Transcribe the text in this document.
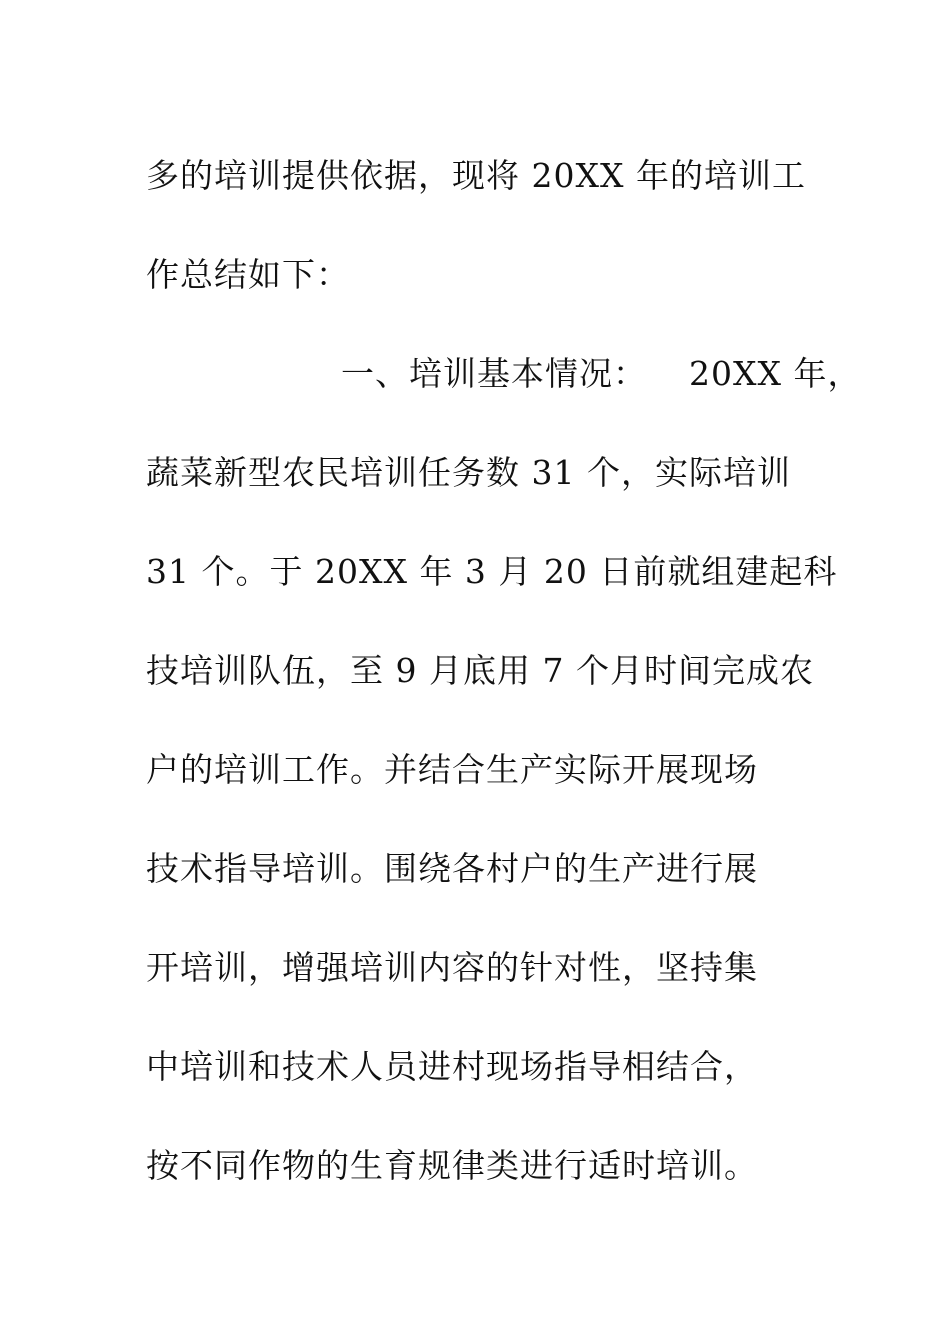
多的培训提供依据，现将 20XX 年的培训工
作总结如下：
一、培训基本情况： 20XX 年，
蔬菜新型农民培训任务数 31 个，实际培训
31 个。于 20XX 年 3 月 20 日前就组建起科
技培训队伍，至 9 月底用 7 个月时间完成农
户的培训工作。并结合生产实际开展现场
技术指导培训。围绕各村户的生产进行展
开培训，增强培训内容的针对性，坚持集
中培训和技术人员进村现场指导相结合，
按不同作物的生育规律类进行适时培训。
